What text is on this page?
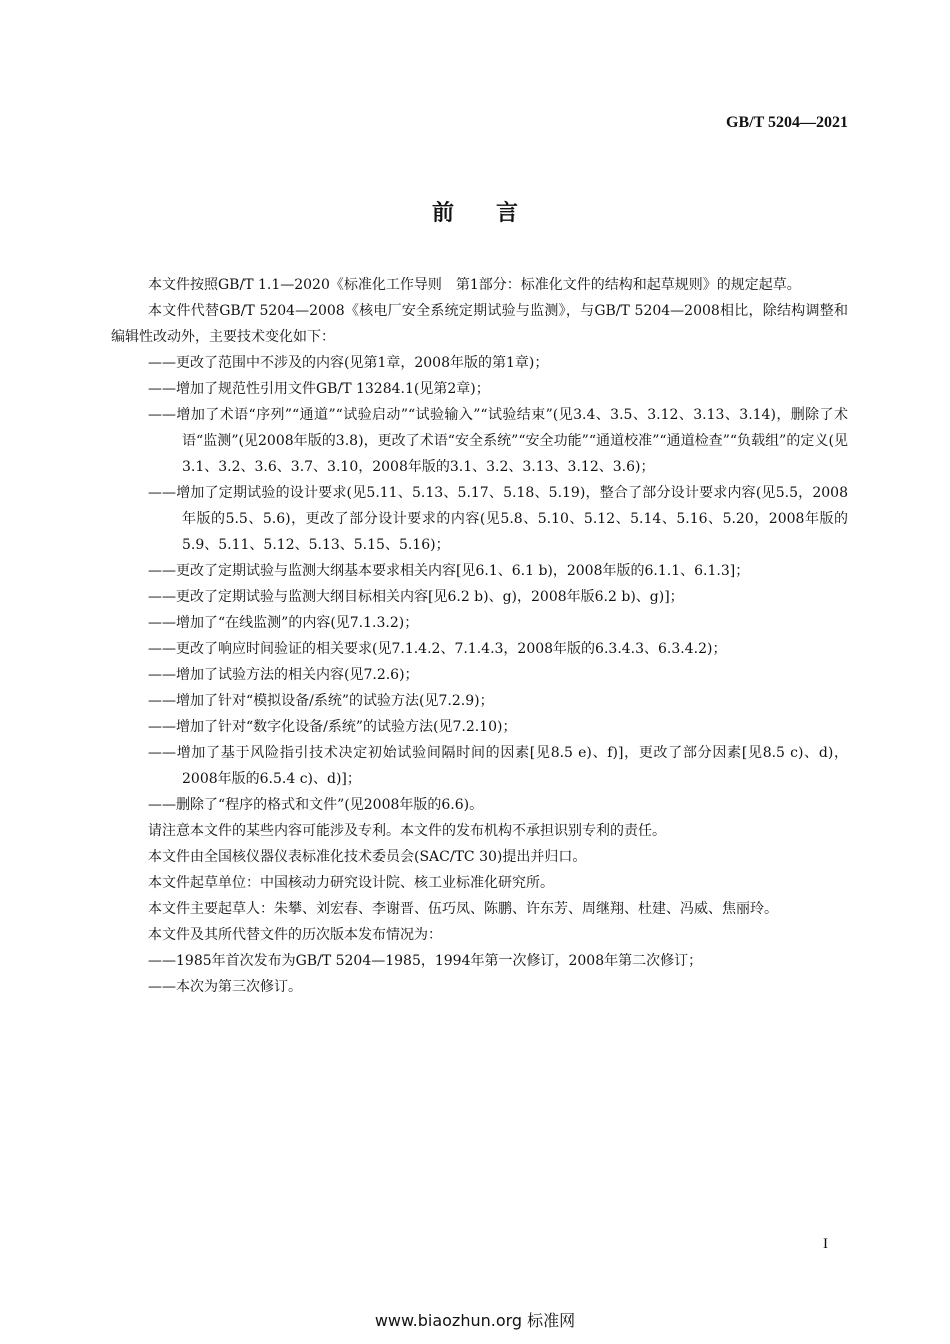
GB/T 5204—2021
前言

本文件按照GB/T 1.1—2020《标准化工作导则　第1部分：标准化文件的结构和起草规则》的规定起草。

本文件代替GB/T 5204—2008《核电厂安全系统定期试验与监测》，与GB/T 5204—2008相比，除结构调整和编辑性改动外，主要技术变化如下：

——更改了范围中不涉及的内容(见第1章，2008年版的第1章)；

——增加了规范性引用文件GB/T 13284.1(见第2章)；

——增加了术语“序列”“通道”“试验启动”“试验输入”“试验结束”(见3.4、3.5、3.12、3.13、3.14)，删除了术语“监测”(见2008年版的3.8)，更改了术语“安全系统”“安全功能”“通道校准”“通道检查”“负载组”的定义(见3.1、3.2、3.6、3.7、3.10，2008年版的3.1、3.2、3.13、3.12、3.6)；

——增加了定期试验的设计要求(见5.11、5.13、5.17、5.18、5.19)，整合了部分设计要求内容(见5.5，2008年版的5.5、5.6)，更改了部分设计要求的内容(见5.8、5.10、5.12、5.14、5.16、5.20，2008年版的5.9、5.11、5.12、5.13、5.15、5.16)；

——更改了定期试验与监测大纲基本要求相关内容[见6.1、6.1 b)，2008年版的6.1.1、6.1.3]；

——更改了定期试验与监测大纲目标相关内容[见6.2 b)、g)，2008年版6.2 b)、g)]；

——增加了“在线监测”的内容(见7.1.3.2)；

——更改了响应时间验证的相关要求(见7.1.4.2、7.1.4.3，2008年版的6.3.4.3、6.3.4.2)；

——增加了试验方法的相关内容(见7.2.6)；

——增加了针对“模拟设备/系统”的试验方法(见7.2.9)；

——增加了针对“数字化设备/系统”的试验方法(见7.2.10)；

——增加了基于风险指引技术决定初始试验间隔时间的因素[见8.5 e)、f)]，更改了部分因素[见8.5 c)、d)，2008年版的6.5.4 c)、d)]；

——删除了“程序的格式和文件”(见2008年版的6.6)。

请注意本文件的某些内容可能涉及专利。本文件的发布机构不承担识别专利的责任。

本文件由全国核仪器仪表标准化技术委员会(SAC/TC 30)提出并归口。

本文件起草单位：中国核动力研究设计院、核工业标准化研究所。

本文件主要起草人：朱攀、刘宏春、李谢晋、伍巧凤、陈鹏、许东芳、周继翔、杜建、冯威、焦丽玲。

本文件及其所代替文件的历次版本发布情况为：

——1985年首次发布为GB/T 5204—1985，1994年第一次修订，2008年第二次修订；

——本次为第三次修订。

I
www.biaozhun.org 标准网
